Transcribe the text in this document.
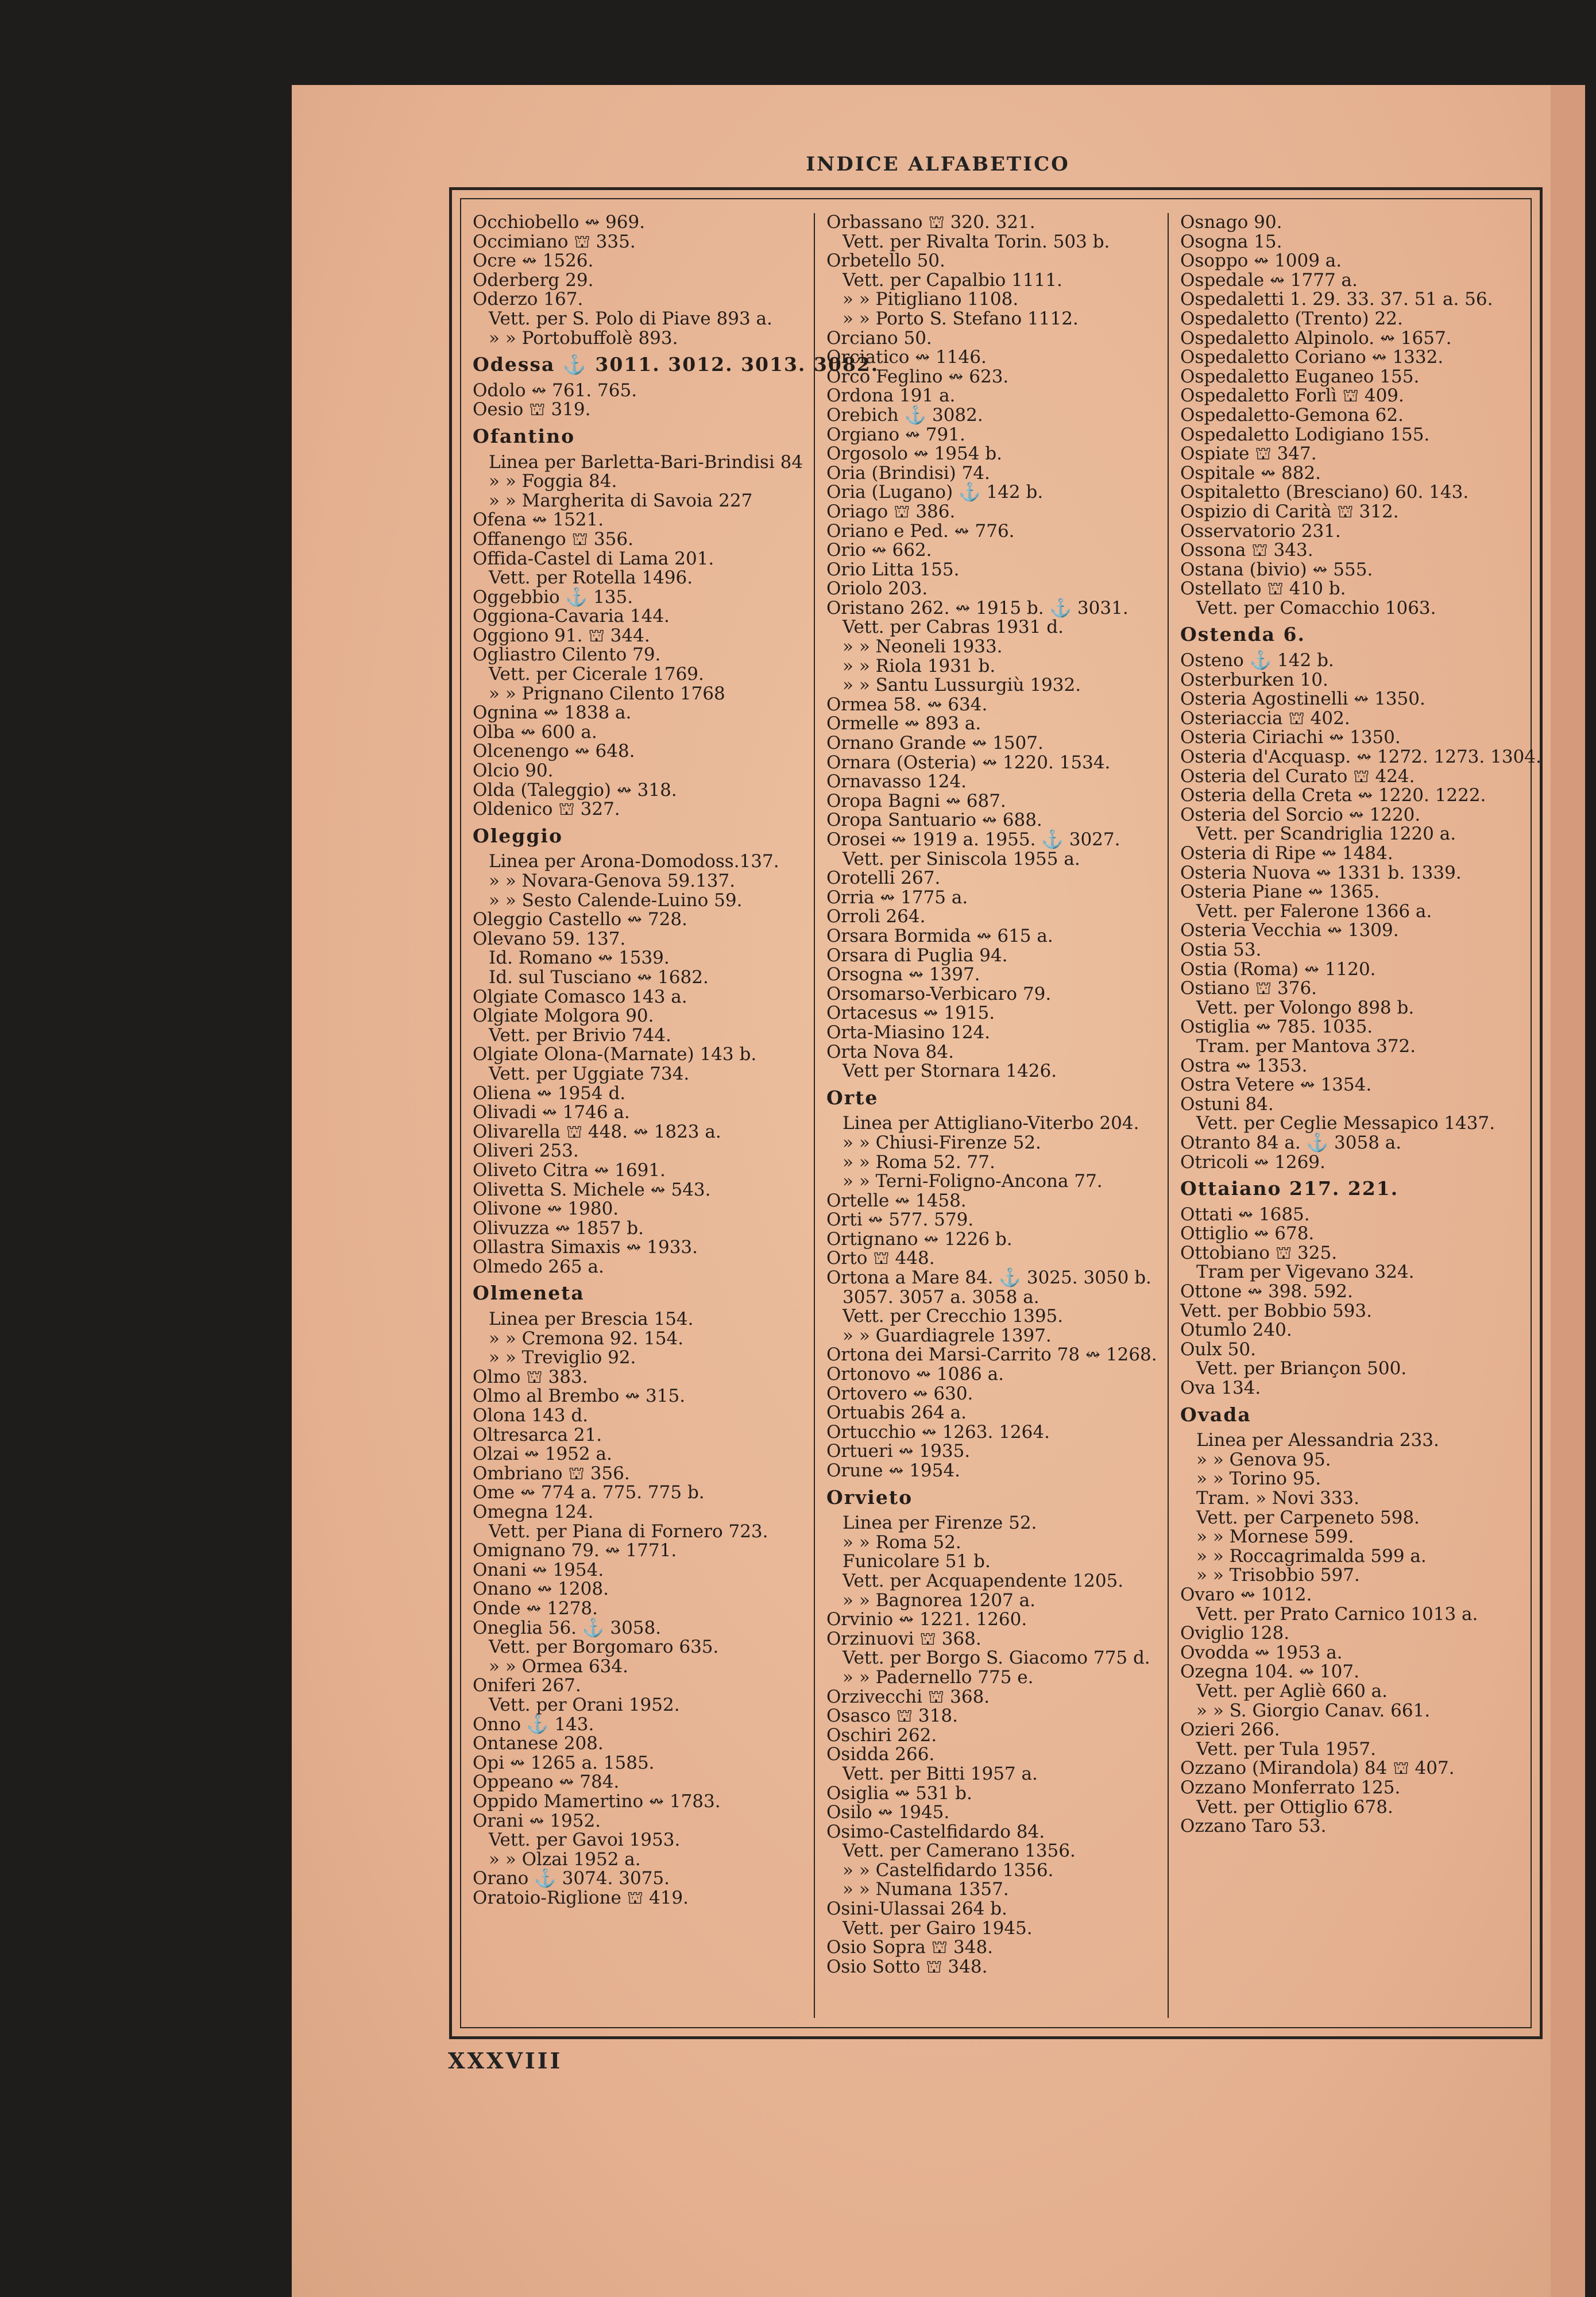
INDICE ALFABETICO
Occhiobello ↭ 969.
Occimiano ⛫ 335.
Ocre ↭ 1526.
Oderberg 29.
Oderzo 167.
Vett. per S. Polo di Piave 893 a.
» » Portobuffolè 893.
Odessa ⚓ 3011. 3012. 3013. 3082.
Odolo ↭ 761. 765.
Oesio ⛫ 319.
Ofantino
Linea per Barletta-Bari-Brindisi 84
» » Foggia 84.
» » Margherita di Savoia 227
Ofena ↭ 1521.
Offanengo ⛫ 356.
Offida-Castel di Lama 201.
Vett. per Rotella 1496.
Oggebbio ⚓ 135.
Oggiona-Cavaria 144.
Oggiono 91. ⛫ 344.
Ogliastro Cilento 79.
Vett. per Cicerale 1769.
» » Prignano Cilento 1768
Ognina ↭ 1838 a.
Olba ↭ 600 a.
Olcenengo ↭ 648.
Olcio 90.
Olda (Taleggio) ↭ 318.
Oldenico ⛫ 327.
Oleggio
Linea per Arona-Domodoss.137.
» » Novara-Genova 59.137.
» » Sesto Calende-Luino 59.
Oleggio Castello ↭ 728.
Olevano 59. 137.
Id. Romano ↭ 1539.
Id. sul Tusciano ↭ 1682.
Olgiate Comasco 143 a.
Olgiate Molgora 90.
Vett. per Brivio 744.
Olgiate Olona-(Marnate) 143 b.
Vett. per Uggiate 734.
Oliena ↭ 1954 d.
Olivadi ↭ 1746 a.
Olivarella ⛫ 448. ↭ 1823 a.
Oliveri 253.
Oliveto Citra ↭ 1691.
Olivetta S. Michele ↭ 543.
Olivone ↭ 1980.
Olivuzza ↭ 1857 b.
Ollastra Simaxis ↭ 1933.
Olmedo 265 a.
Olmeneta
Linea per Brescia 154.
» » Cremona 92. 154.
» » Treviglio 92.
Olmo ⛫ 383.
Olmo al Brembo ↭ 315.
Olona 143 d.
Oltresarca 21.
Olzai ↭ 1952 a.
Ombriano ⛫ 356.
Ome ↭ 774 a. 775. 775 b.
Omegna 124.
Vett. per Piana di Fornero 723.
Omignano 79. ↭ 1771.
Onani ↭ 1954.
Onano ↭ 1208.
Onde ↭ 1278.
Oneglia 56. ⚓ 3058.
Vett. per Borgomaro 635.
» » Ormea 634.
Oniferi 267.
Vett. per Orani 1952.
Onno ⚓ 143.
Ontanese 208.
Opi ↭ 1265 a. 1585.
Oppeano ↭ 784.
Oppido Mamertino ↭ 1783.
Orani ↭ 1952.
Vett. per Gavoi 1953.
» » Olzai 1952 a.
Orano ⚓ 3074. 3075.
Oratoio-Riglione ⛫ 419.
Orbassano ⛫ 320. 321.
Vett. per Rivalta Torin. 503 b.
Orbetello 50.
Vett. per Capalbio 1111.
» » Pitigliano 1108.
» » Porto S. Stefano 1112.
Orciano 50.
Orciatico ↭ 1146.
Orco Feglino ↭ 623.
Ordona 191 a.
Orebich ⚓ 3082.
Orgiano ↭ 791.
Orgosolo ↭ 1954 b.
Oria (Brindisi) 74.
Oria (Lugano) ⚓ 142 b.
Oriago ⛫ 386.
Oriano e Ped. ↭ 776.
Orio ↭ 662.
Orio Litta 155.
Oriolo 203.
Oristano 262. ↭ 1915 b. ⚓ 3031.
Vett. per Cabras 1931 d.
» » Neoneli 1933.
» » Riola 1931 b.
» » Santu Lussurgiù 1932.
Ormea 58. ↭ 634.
Ormelle ↭ 893 a.
Ornano Grande ↭ 1507.
Ornara (Osteria) ↭ 1220. 1534.
Ornavasso 124.
Oropa Bagni ↭ 687.
Oropa Santuario ↭ 688.
Orosei ↭ 1919 a. 1955. ⚓ 3027.
Vett. per Siniscola 1955 a.
Orotelli 267.
Orria ↭ 1775 a.
Orroli 264.
Orsara Bormida ↭ 615 a.
Orsara di Puglia 94.
Orsogna ↭ 1397.
Orsomarso-Verbicaro 79.
Ortacesus ↭ 1915.
Orta-Miasino 124.
Orta Nova 84.
Vett per Stornara 1426.
Orte
Linea per Attigliano-Viterbo 204.
» » Chiusi-Firenze 52.
» » Roma 52. 77.
» » Terni-Foligno-Ancona 77.
Ortelle ↭ 1458.
Orti ↭ 577. 579.
Ortignano ↭ 1226 b.
Orto ⛫ 448.
Ortona a Mare 84. ⚓ 3025. 3050 b.
3057. 3057 a. 3058 a.
Vett. per Crecchio 1395.
» » Guardiagrele 1397.
Ortona dei Marsi-Carrito 78 ↭ 1268.
Ortonovo ↭ 1086 a.
Ortovero ↭ 630.
Ortuabis 264 a.
Ortucchio ↭ 1263. 1264.
Ortueri ↭ 1935.
Orune ↭ 1954.
Orvieto
Linea per Firenze 52.
» » Roma 52.
Funicolare 51 b.
Vett. per Acquapendente 1205.
» » Bagnorea 1207 a.
Orvinio ↭ 1221. 1260.
Orzinuovi ⛫ 368.
Vett. per Borgo S. Giacomo 775 d.
» » Padernello 775 e.
Orzivecchi ⛫ 368.
Osasco ⛫ 318.
Oschiri 262.
Osidda 266.
Vett. per Bitti 1957 a.
Osiglia ↭ 531 b.
Osilo ↭ 1945.
Osimo-Castelfidardo 84.
Vett. per Camerano 1356.
» » Castelfidardo 1356.
» » Numana 1357.
Osini-Ulassai 264 b.
Vett. per Gairo 1945.
Osio Sopra ⛫ 348.
Osio Sotto ⛫ 348.
Osnago 90.
Osogna 15.
Osoppo ↭ 1009 a.
Ospedale ↭ 1777 a.
Ospedaletti 1. 29. 33. 37. 51 a. 56.
Ospedaletto (Trento) 22.
Ospedaletto Alpinolo. ↭ 1657.
Ospedaletto Coriano ↭ 1332.
Ospedaletto Euganeo 155.
Ospedaletto Forlì ⛫ 409.
Ospedaletto-Gemona 62.
Ospedaletto Lodigiano 155.
Ospiate ⛫ 347.
Ospitale ↭ 882.
Ospitaletto (Bresciano) 60. 143.
Ospizio di Carità ⛫ 312.
Osservatorio 231.
Ossona ⛫ 343.
Ostana (bivio) ↭ 555.
Ostellato ⛫ 410 b.
Vett. per Comacchio 1063.
Ostenda 6.
Osteno ⚓ 142 b.
Osterburken 10.
Osteria Agostinelli ↭ 1350.
Osteriaccia ⛫ 402.
Osteria Ciriachi ↭ 1350.
Osteria d'Acquasp. ↭ 1272. 1273. 1304.
Osteria del Curato ⛫ 424.
Osteria della Creta ↭ 1220. 1222.
Osteria del Sorcio ↭ 1220.
Vett. per Scandriglia 1220 a.
Osteria di Ripe ↭ 1484.
Osteria Nuova ↭ 1331 b. 1339.
Osteria Piane ↭ 1365.
Vett. per Falerone 1366 a.
Osteria Vecchia ↭ 1309.
Ostia 53.
Ostia (Roma) ↭ 1120.
Ostiano ⛫ 376.
Vett. per Volongo 898 b.
Ostiglia ↭ 785. 1035.
Tram. per Mantova 372.
Ostra ↭ 1353.
Ostra Vetere ↭ 1354.
Ostuni 84.
Vett. per Ceglie Messapico 1437.
Otranto 84 a. ⚓ 3058 a.
Otricoli ↭ 1269.
Ottaiano 217. 221.
Ottati ↭ 1685.
Ottiglio ↭ 678.
Ottobiano ⛫ 325.
Tram per Vigevano 324.
Ottone ↭ 398. 592.
Vett. per Bobbio 593.
Otumlo 240.
Oulx 50.
Vett. per Briançon 500.
Ova 134.
Ovada
Linea per Alessandria 233.
» » Genova 95.
» » Torino 95.
Tram. » Novi 333.
Vett. per Carpeneto 598.
» » Mornese 599.
» » Roccagrimalda 599 a.
» » Trisobbio 597.
Ovaro ↭ 1012.
Vett. per Prato Carnico 1013 a.
Oviglio 128.
Ovodda ↭ 1953 a.
Ozegna 104. ↭ 107.
Vett. per Agliè 660 a.
» » S. Giorgio Canav. 661.
Ozieri 266.
Vett. per Tula 1957.
Ozzano (Mirandola) 84 ⛫ 407.
Ozzano Monferrato 125.
Vett. per Ottiglio 678.
Ozzano Taro 53.
XXXVIII
